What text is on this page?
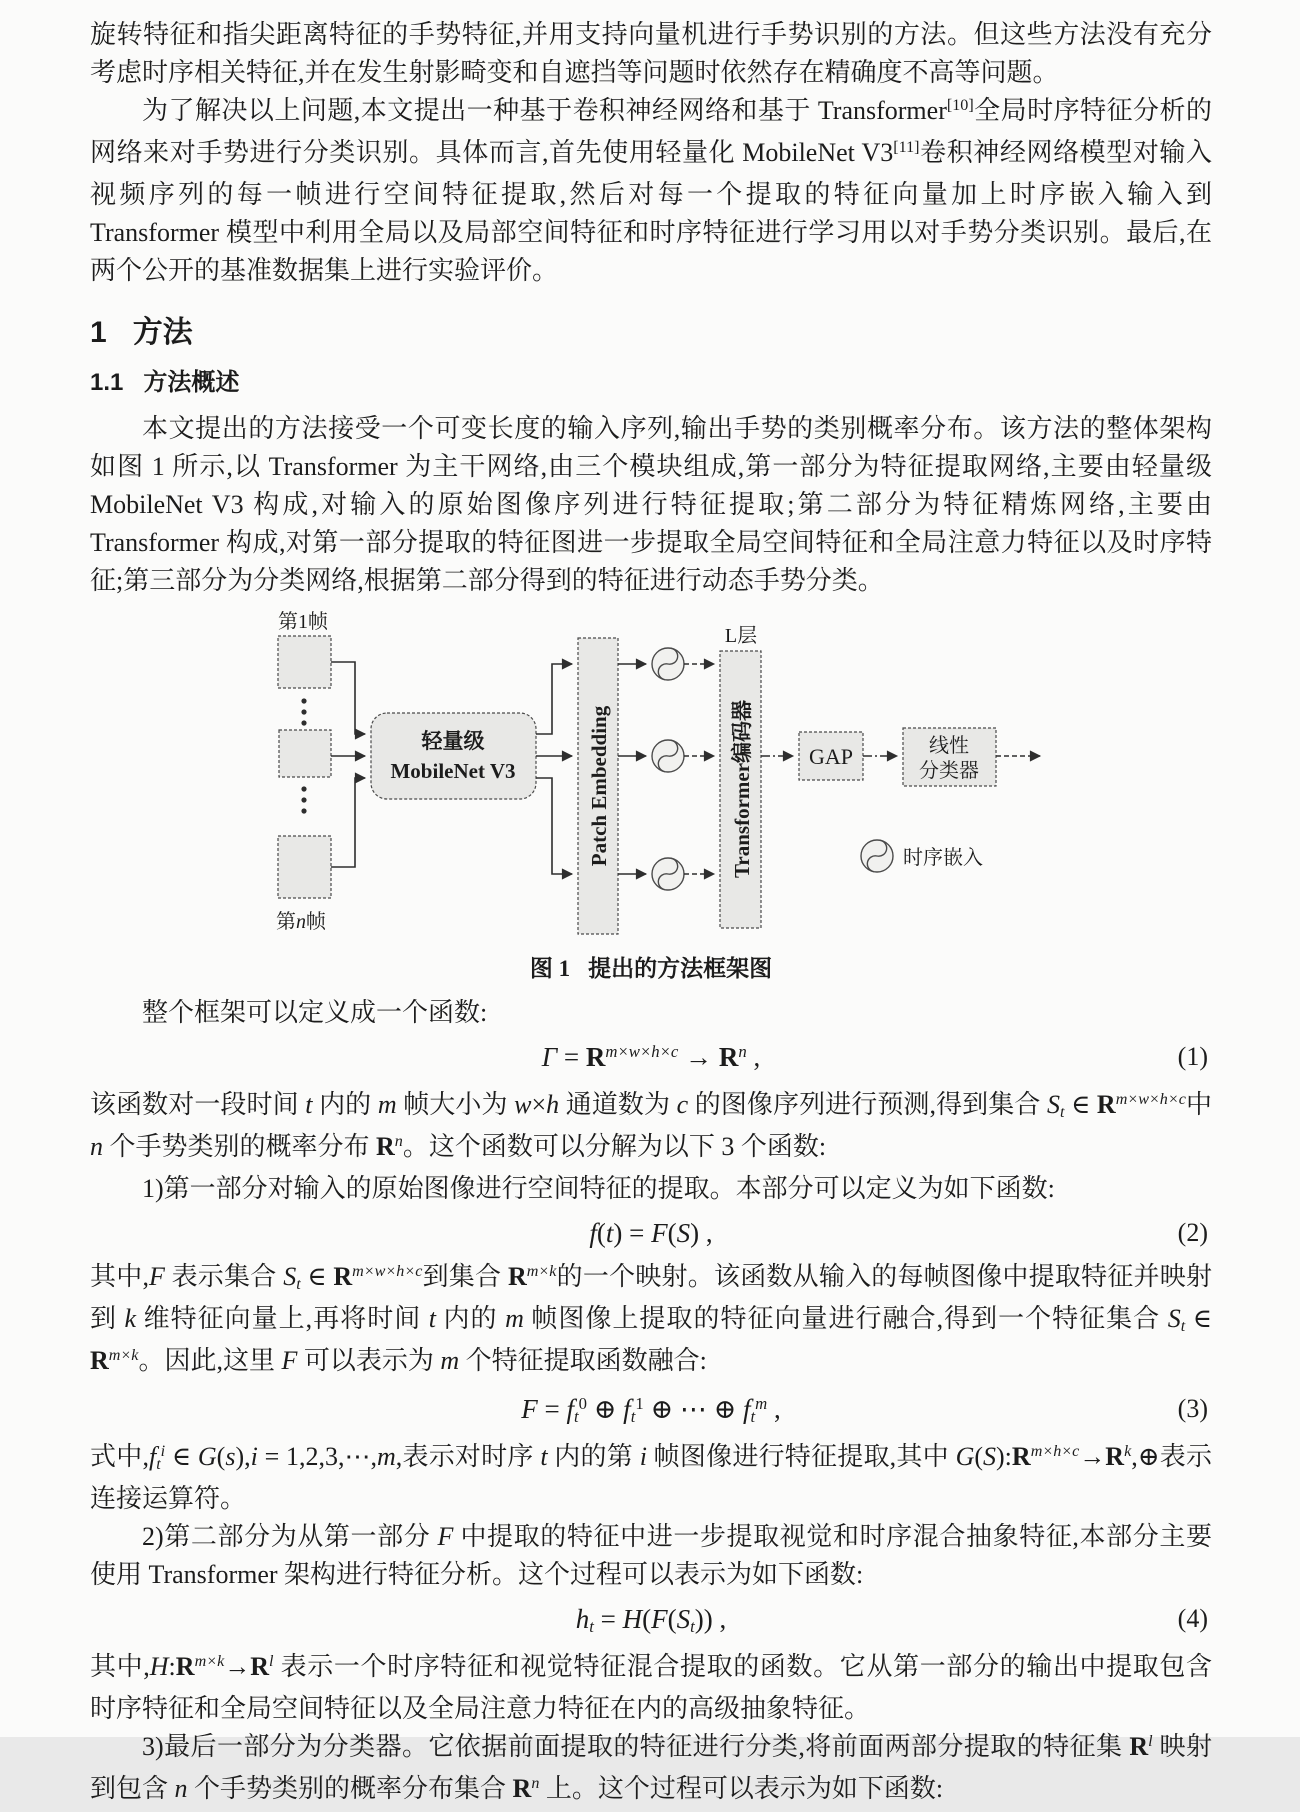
旋转特征和指尖距离特征的手势特征,并用支持向量机进行手势识别的方法。但这些方法没有充分考虑时序相关特征,并在发生射影畸变和自遮挡等问题时依然存在精确度不高等问题。

为了解决以上问题,本文提出一种基于卷积神经网络和基于 Transformer[10]全局时序特征分析的网络来对手势进行分类识别。具体而言,首先使用轻量化 MobileNet V3[11]卷积神经网络模型对输入视频序列的每一帧进行空间特征提取,然后对每一个提取的特征向量加上时序嵌入输入到 Transformer 模型中利用全局以及局部空间特征和时序特征进行学习用以对手势分类识别。最后,在两个公开的基准数据集上进行实验评价。

1 方法
1.1 方法概述

本文提出的方法接受一个可变长度的输入序列,输出手势的类别概率分布。该方法的整体架构如图 1 所示,以 Transformer 为主干网络,由三个模块组成,第一部分为特征提取网络,主要由轻量级 MobileNet V3 构成,对输入的原始图像序列进行特征提取;第二部分为特征精炼网络,主要由 Transformer 构成,对第一部分提取的特征图进一步提取全局空间特征和全局注意力特征以及时序特征;第三部分为分类网络,根据第二部分得到的特征进行动态手势分类。

第1帧
第n帧
轻量级
MobileNet V3	Patch Embedding
L层
Transformer编码器 GAP	线性
分类器
时序嵌入
图 1 提出的方法框架图

整个框架可以定义成一个函数:

$\Gamma = R^{m\times w\times h\times c} \to R^n$ ,	(1)

该函数对一段时间 t 内的 m 帧大小为 w×h 通道数为 c 的图像序列进行预测,得到集合 St ∈ $R^{m\times w\times h\times c}$中 n 个手势类别的概率分布 $R^n$。这个函数可以分解为以下 3 个函数:

1)第一部分对输入的原始图像进行空间特征的提取。本部分可以定义为如下函数:

f(t) = F(S) ,	(2)

其中,F 表示集合 St ∈ $R^{m\times w\times h\times c}$到集合 $R^{m\times k}$的一个映射。该函数从输入的每帧图像中提取特征并映射到 k 维特征向量上,再将时间 t 内的 m 帧图像上提取的特征向量进行融合,得到一个特征集合 St ∈ $R^{m\times k}$。因此,这里 F 可以表示为 m 个特征提取函数融合:

$F = ft^0$ ⊕ $ft^1$ ⊕ ⋯ ⊕ $ft^m$ ,	(3)

式中$,ft^i$ ∈ G(s),i = 1,2,3,⋯,m,表示对时序 t 内的第 i 帧图像进行特征提取,其中 $G(S):R^{m\times h\times c}\to R^k,\oplus$表示连接运算符。

2)第二部分为从第一部分 F 中提取的特征中进一步提取视觉和时序混合抽象特征,本部分主要使用 Transformer 架构进行特征分析。这个过程可以表示为如下函数:

ht = H(F(St)) ,	(4)

其中$,H:R^{m\times k}\to R^l$ 表示一个时序特征和视觉特征混合提取的函数。它从第一部分的输出中提取包含时序特征和全局空间特征以及全局注意力特征在内的高级抽象特征。

3)最后一部分为分类器。它依据前面提取的特征进行分类,将前面两部分提取的特征集 $R^l$ 映射到包含 n 个手势类别的概率分布集合 $R^n$ 上。这个过程可以表示为如下函数:
